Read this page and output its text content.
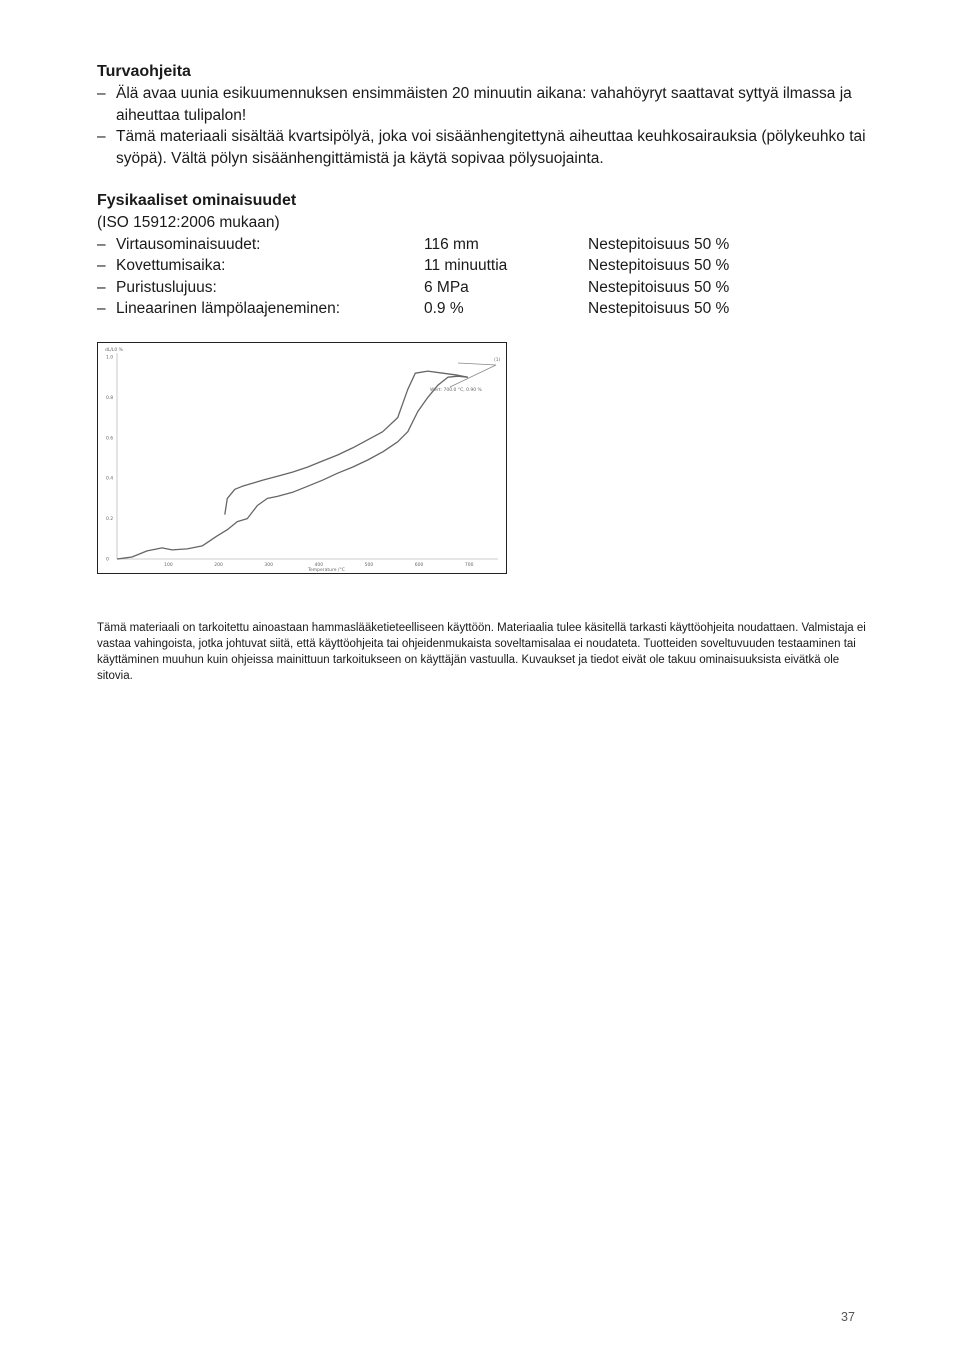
Turvaohjeita

– Älä avaa uunia esikuumennuksen ensimmäisten 20 minuutin aikana: vahahöyryt saattavat syttyä ilmassa ja aiheuttaa tulipalon!
– Tämä materiaali sisältää kvartsipölyä, joka voi sisäänhengitettynä aiheuttaa keuhkosairauksia (pölykeuhko tai syöpä). Vältä pölyn sisäänhengittämistä ja käytä sopivaa pölysuojainta.

Fysikaaliset ominaisuudet

(ISO 15912:2006 mukaan)

– Virtausominaisuudet:	116 mm	Nestepitoisuus 50 %
– Kovettumisaika:	11 minuuttia	Nestepitoisuus 50 %
– Puristuslujuus:	6 MPa	Nestepitoisuus 50 %
– Lineaarinen lämpölaajeneminen:	0.9 %	Nestepitoisuus 50 %
dL/L0 %
Temperature /°C
Wert: 700.0 °C, 0.90 %
(1)
0
0.2
0.4
0.6
0.8
1.0
100	200	300	400	500	600	700

Tämä materiaali on tarkoitettu ainoastaan hammaslääketieteelliseen käyttöön. Materiaalia tulee käsitellä tarkasti käyttöohjeita noudattaen. Valmistaja ei vastaa vahingoista, jotka johtuvat siitä, että käyttöohjeita tai ohjeidenmukaista soveltamisalaa ei noudateta. Tuotteiden soveltuvuuden testaaminen tai käyttäminen muuhun kuin ohjeissa mainittuun tarkoitukseen on käyttäjän vastuulla. Kuvaukset ja tiedot eivät ole takuu ominaisuuksista eivätkä ole sitovia.

37
